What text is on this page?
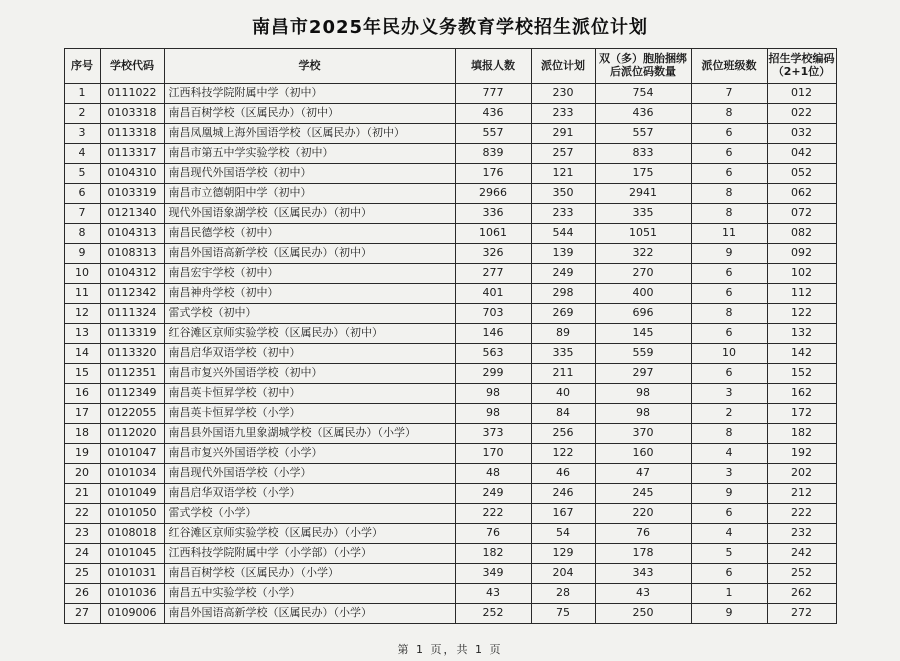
南昌市2025年民办义务教育学校招生派位计划
序号	学校代码	学校	填报人数	派位计划	双（多）胞胎捆绑后派位码数量	派位班级数	招生学校编码（2+1位）
1	0111022	江西科技学院附属中学（初中）	777	230	754	7	012
2	0103318	南昌百树学校（区属民办）（初中）	436	233	436	8	022
3	0113318	南昌凤凰城上海外国语学校（区属民办）（初中）	557	291	557	6	032
4	0113317	南昌市第五中学实验学校（初中）	839	257	833	6	042
5	0104310	南昌现代外国语学校（初中）	176	121	175	6	052
6	0103319	南昌市立德朝阳中学（初中）	2966	350	2941	8	062
7	0121340	现代外国语象湖学校（区属民办）（初中）	336	233	335	8	072
8	0104313	南昌民德学校（初中）	1061	544	1051	11	082
9	0108313	南昌外国语高新学校（区属民办）（初中）	326	139	322	9	092
10	0104312	南昌宏宇学校（初中）	277	249	270	6	102
11	0112342	南昌神舟学校（初中）	401	298	400	6	112
12	0111324	雷式学校（初中）	703	269	696	8	122
13	0113319	红谷滩区京师实验学校（区属民办）（初中）	146	89	145	6	132
14	0113320	南昌启华双语学校（初中）	563	335	559	10	142
15	0112351	南昌市复兴外国语学校（初中）	299	211	297	6	152
16	0112349	南昌英卡恒昇学校（初中）	98	40	98	3	162
17	0122055	南昌英卡恒昇学校（小学）	98	84	98	2	172
18	0112020	南昌县外国语九里象湖城学校（区属民办）（小学）	373	256	370	8	182
19	0101047	南昌市复兴外国语学校（小学）	170	122	160	4	192
20	0101034	南昌现代外国语学校（小学）	48	46	47	3	202
21	0101049	南昌启华双语学校（小学）	249	246	245	9	212
22	0101050	雷式学校（小学）	222	167	220	6	222
23	0108018	红谷滩区京师实验学校（区属民办）（小学）	76	54	76	4	232
24	0101045	江西科技学院附属中学（小学部）（小学）	182	129	178	5	242
25	0101031	南昌百树学校（区属民办）（小学）	349	204	343	6	252
26	0101036	南昌五中实验学校（小学）	43	28	43	1	262
27	0109006	南昌外国语高新学校（区属民办）（小学）	252	75	250	9	272
第 1 页，共 1 页
